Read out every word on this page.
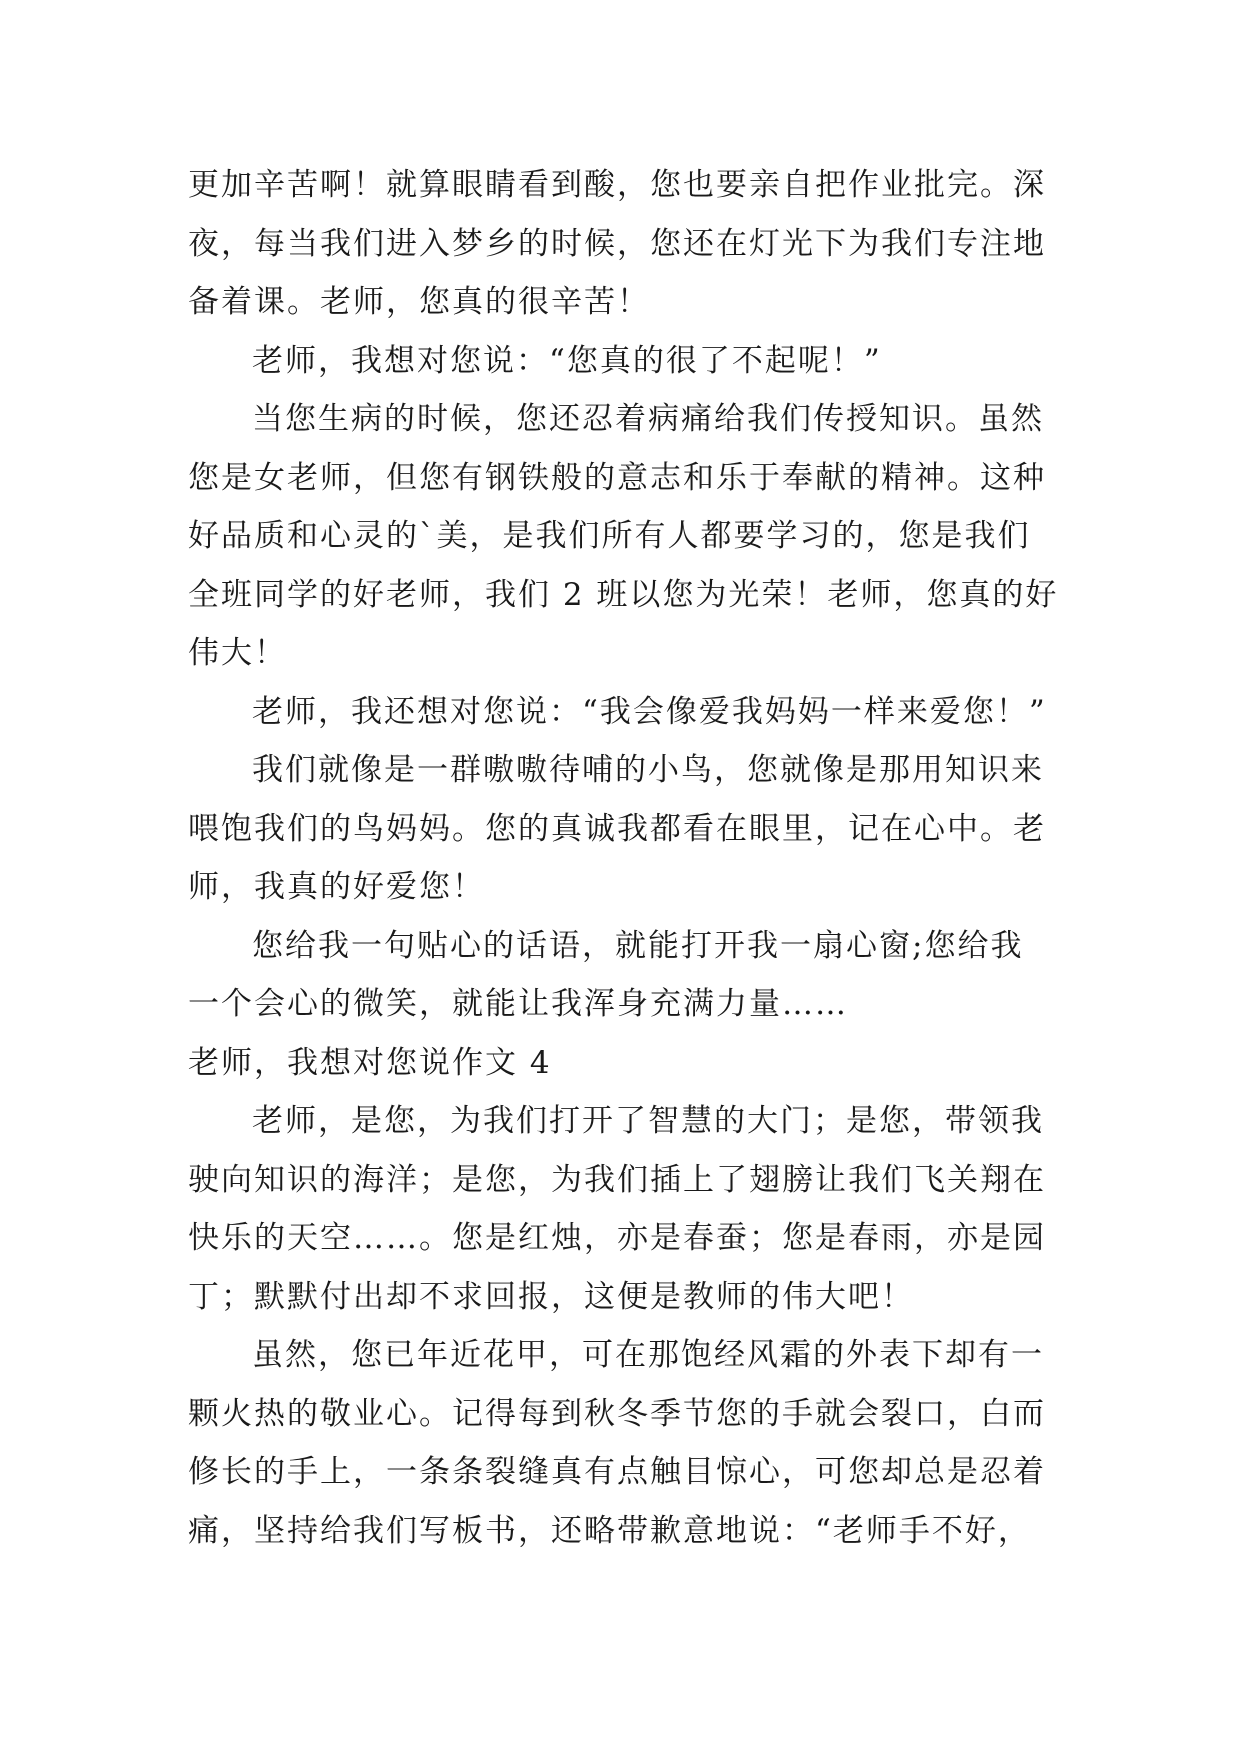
更加辛苦啊！就算眼睛看到酸，您也要亲自把作业批完。深
夜，每当我们进入梦乡的时候，您还在灯光下为我们专注地
备着课。老师，您真的很辛苦！
老师，我想对您说：“您真的很了不起呢！”
当您生病的时候，您还忍着病痛给我们传授知识。虽然
您是女老师，但您有钢铁般的意志和乐于奉献的精神。这种
好品质和心灵的`美，是我们所有人都要学习的，您是我们
全班同学的好老师，我们 2 班以您为光荣！老师，您真的好
伟大！
老师，我还想对您说：“我会像爱我妈妈一样来爱您！”
我们就像是一群嗷嗷待哺的小鸟，您就像是那用知识来
喂饱我们的鸟妈妈。您的真诚我都看在眼里，记在心中。老
师，我真的好爱您！
您给我一句贴心的话语，就能打开我一扇心窗;您给我
一个会心的微笑，就能让我浑身充满力量……
老师，我想对您说作文 4
老师，是您，为我们打开了智慧的大门；是您，带领我
驶向知识的海洋；是您，为我们插上了翅膀让我们飞关翔在
快乐的天空……。您是红烛，亦是春蚕；您是春雨，亦是园
丁；默默付出却不求回报，这便是教师的伟大吧！
虽然，您已年近花甲，可在那饱经风霜的外表下却有一
颗火热的敬业心。记得每到秋冬季节您的手就会裂口，白而
修长的手上，一条条裂缝真有点触目惊心，可您却总是忍着
痛，坚持给我们写板书，还略带歉意地说：“老师手不好，
